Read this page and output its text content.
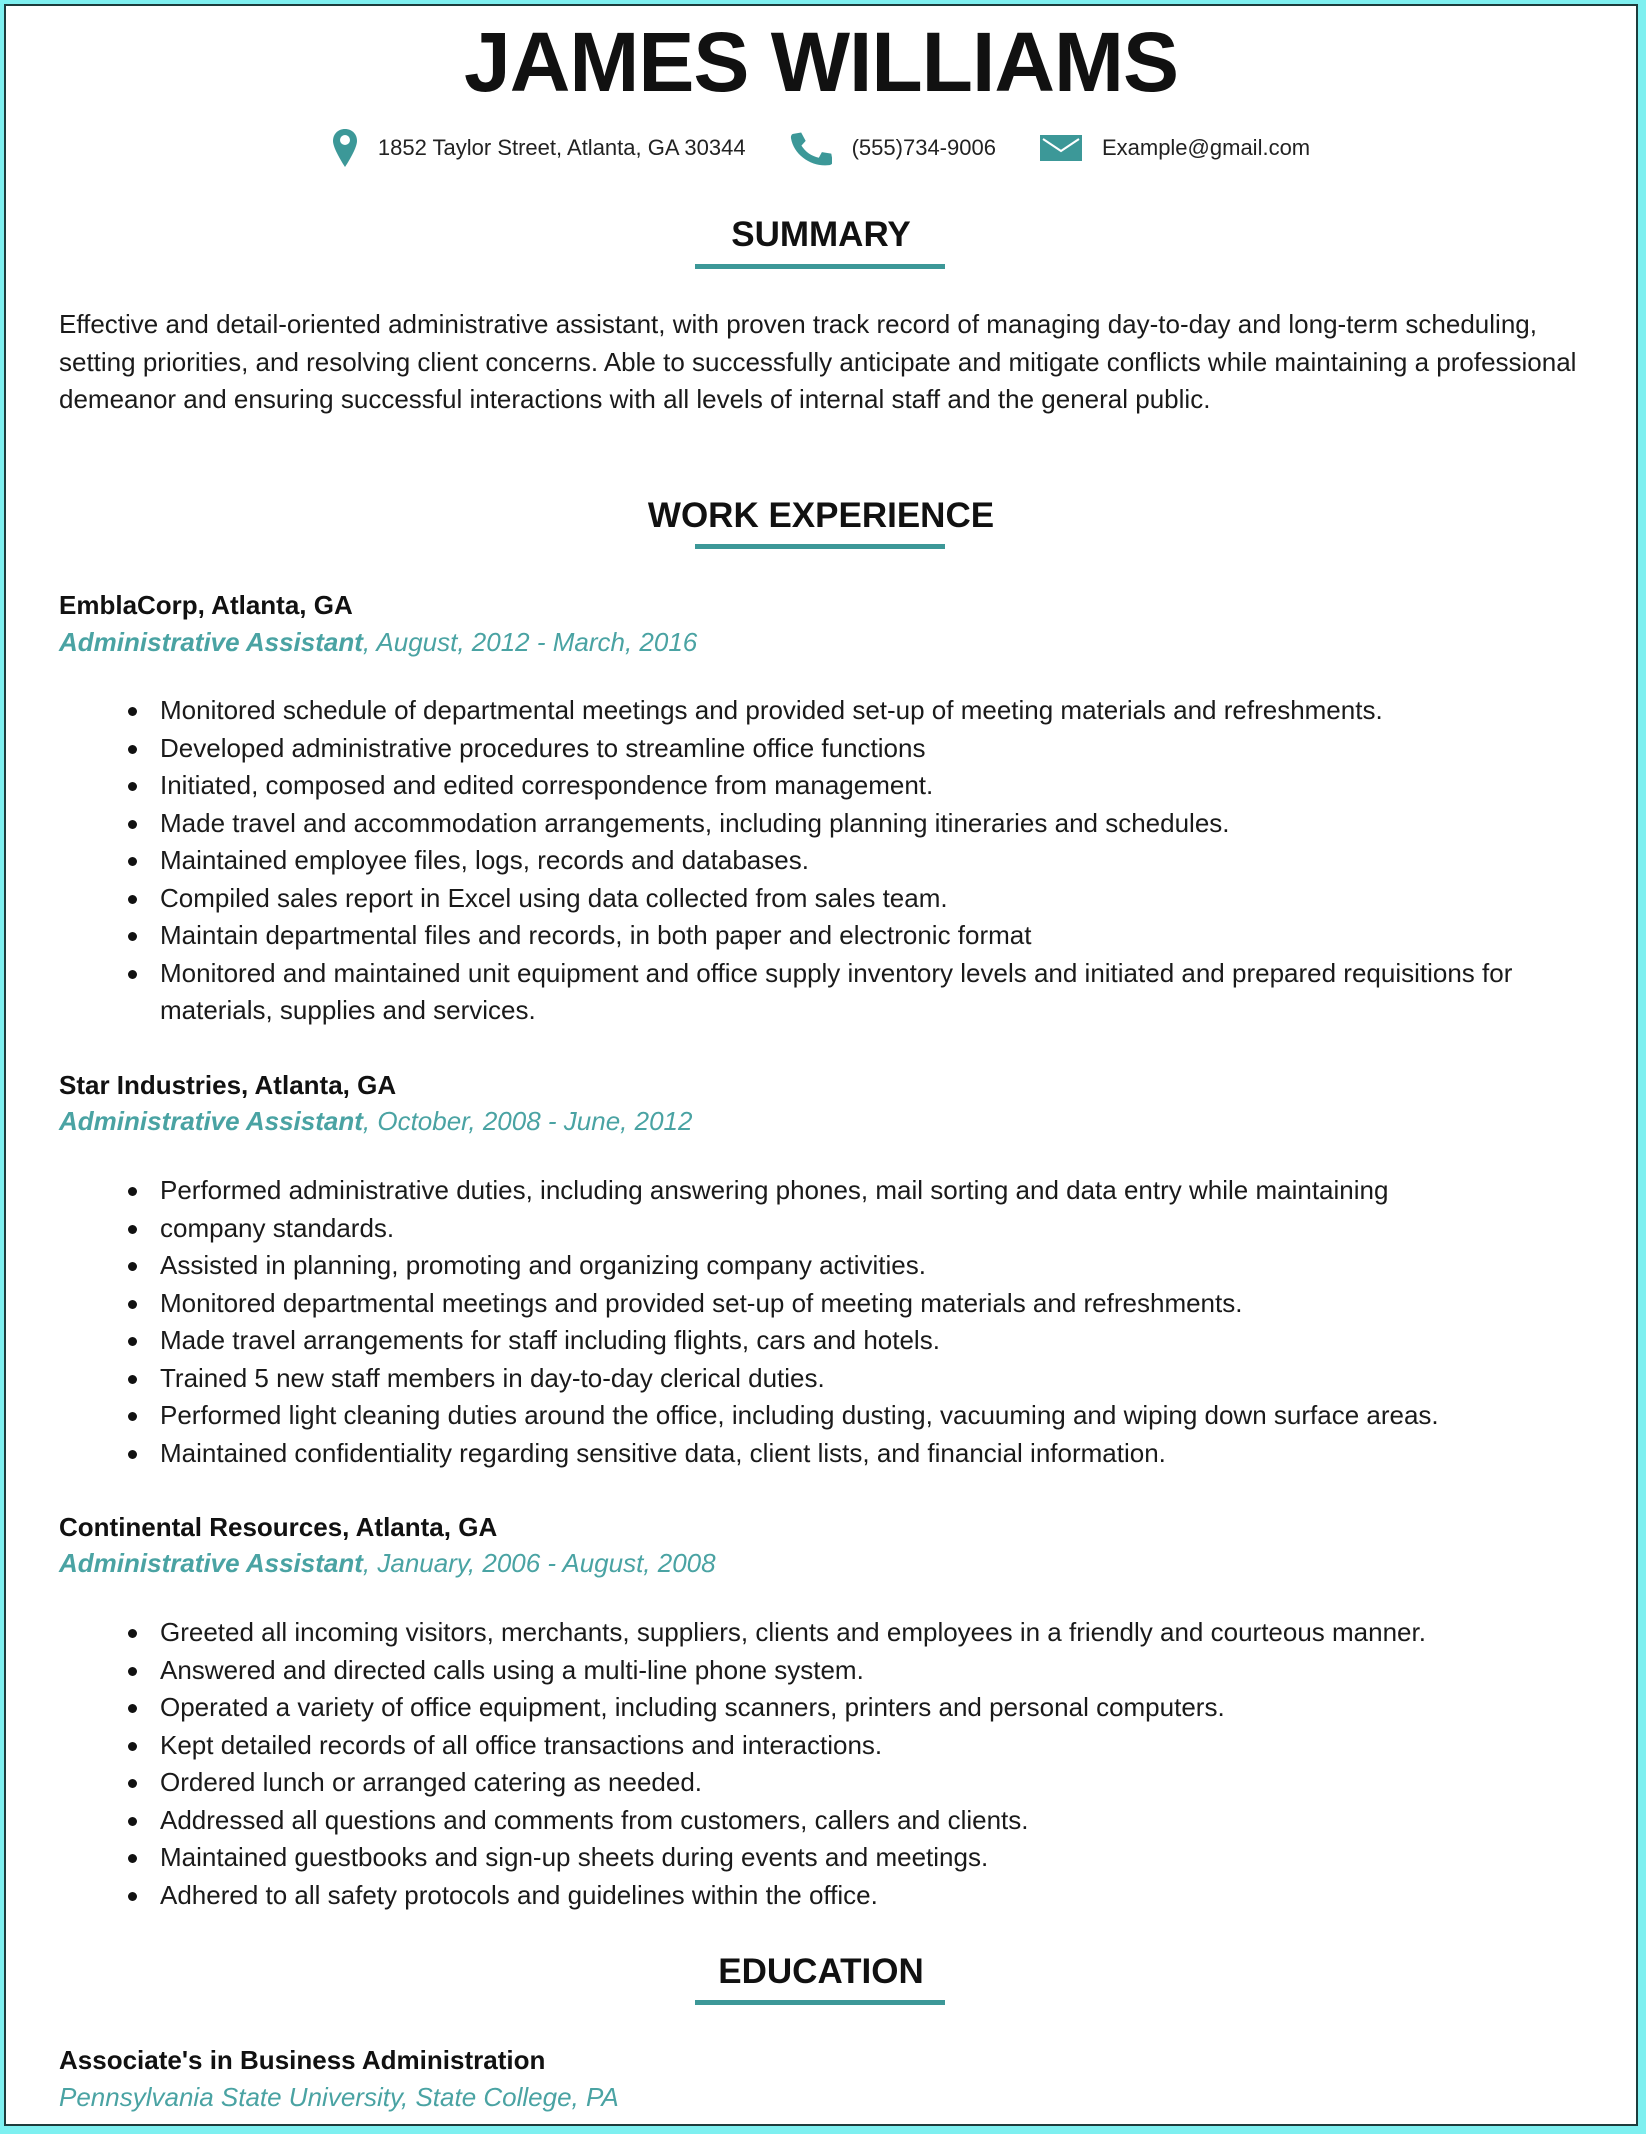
JAMES WILLIAMS
1852 Taylor Street, Atlanta, GA 30344	(555)734-9006	Example@gmail.com
SUMMARY
Effective and detail-oriented administrative assistant, with proven track record of managing day-to-day and long-term scheduling, setting priorities, and resolving client concerns. Able to successfully anticipate and mitigate conflicts while maintaining a professional demeanor and ensuring successful interactions with all levels of internal staff and the general public.
WORK EXPERIENCE
EmblaCorp, Atlanta, GA
Administrative Assistant, August, 2012 - March, 2016
Monitored schedule of departmental meetings and provided set-up of meeting materials and refreshments.
Developed administrative procedures to streamline office functions
Initiated, composed and edited correspondence from management.
Made travel and accommodation arrangements, including planning itineraries and schedules.
Maintained employee files, logs, records and databases.
Compiled sales report in Excel using data collected from sales team.
Maintain departmental files and records, in both paper and electronic format
Monitored and maintained unit equipment and office supply inventory levels and initiated and prepared requisitions for materials, supplies and services.
Star Industries, Atlanta, GA
Administrative Assistant, October, 2008 - June, 2012
Performed administrative duties, including answering phones, mail sorting and data entry while maintaining
company standards.
Assisted in planning, promoting and organizing company activities.
Monitored departmental meetings and provided set-up of meeting materials and refreshments.
Made travel arrangements for staff including flights, cars and hotels.
Trained 5 new staff members in day-to-day clerical duties.
Performed light cleaning duties around the office, including dusting, vacuuming and wiping down surface areas.
Maintained confidentiality regarding sensitive data, client lists, and financial information.
Continental Resources, Atlanta, GA
Administrative Assistant, January, 2006 - August, 2008
Greeted all incoming visitors, merchants, suppliers, clients and employees in a friendly and courteous manner.
Answered and directed calls using a multi-line phone system.
Operated a variety of office equipment, including scanners, printers and personal computers.
Kept detailed records of all office transactions and interactions.
Ordered lunch or arranged catering as needed.
Addressed all questions and comments from customers, callers and clients.
Maintained guestbooks and sign-up sheets during events and meetings.
Adhered to all safety protocols and guidelines within the office.
EDUCATION
Associate's in Business Administration
Pennsylvania State University, State College, PA
